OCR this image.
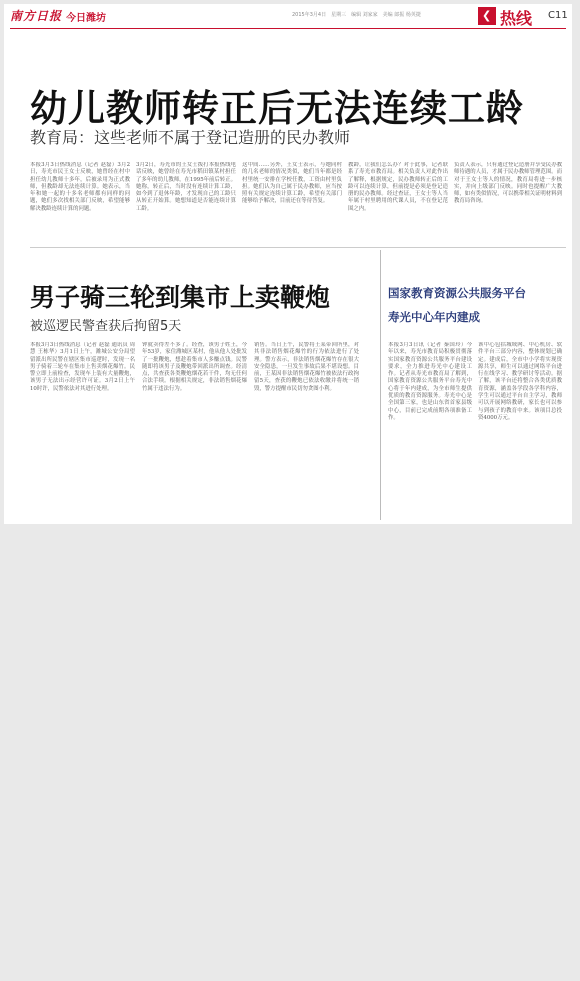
南方日报 今日潍坊	2015年3月4日　星期三　编辑 刘家家　美编 郎振 杨英捷	❮ 热线 C11
幼儿教师转正后无法连续工龄
教育局：这些老师不属于登记造册的民办教师
本报3月3日热线消息（记者 赵磊）3月2日，寿光市民王女士反映，她曾经在村中担任幼儿教师十多年，后被录用为正式教师，但教龄却无法连续计算。她表示，当年和她一起的十多名老师都有同样的问题，她们多次找相关部门反映，希望能够解决教龄连续计算的问题。
3月2日，寿光市的王女士拨打本报热线电话反映，她曾经在寿光市稻田镇某村担任了多年的幼儿教师，在1995年前后转正。她称，转正后，当时没有连续计算工龄，如今到了退休年龄，才发现自己的工龄只从转正开始算。她想知道是否能连续计算工龄。
这中间……另外，王女士表示，与她同村的几名老师的情况类似，她们当年都是经村里统一安排在学校任教，工资由村里负担。她们认为自己属于民办教师，应当按照有关规定连续计算工龄，希望有关部门能够给予解决，目前还在等待答复。
教龄，让我们怎么办？对于此事，记者联系了寿光市教育局。相关负责人对此作出了解释，根据规定，民办教师转正后的工龄可以连续计算，但前提是必须是登记造册的民办教师。经过查证，王女士等人当年属于村里聘用的代课人员，不在登记范围之内。
负责人表示，只有通过登记造册并享受民办教师待遇的人员，才属于民办教师管理范围。而对于王女士等人的情况，教育局将进一步核实，并向上级部门反映。同时也提醒广大教师，如有类似情况，可以携带相关证明材料到教育局咨询。
男子骑三轮到集市上卖鞭炮
被巡逻民警查获后拘留5天
本报3月3日热线消息（记者 赵磊 通讯员 周慧 王栋华）3月1日上午，潍城公安分局望留派出所民警在辖区集市巡逻时，发现一名男子骑着三轮车在集市上售卖烟花爆竹。民警立即上前检查，发现车上装有大量鞭炮，该男子无法出示经营许可证。3月2日上午10时许，民警依法对其进行处理。
钟就卖得差不多了。经查，该男子姓王，今年53岁，家住潍城区某村，他从他人处批发了一批鞭炮，想趁着集市人多赚点钱。民警随即将该男子及鞭炮带回派出所调查。经清点，共查获各类鞭炮烟花若干件，均无任何合法手续。根据相关规定，非法销售烟花爆竹属于违法行为。
销售。当日上午，民警将王某带回所里，对其非法销售烟花爆竹的行为依法进行了处理。警方表示，非法销售烟花爆竹存在很大安全隐患，一旦发生事故后果不堪设想。目前，王某因非法销售烟花爆竹被依法行政拘留5天，查获的鞭炮已依法收缴并将统一销毁，警方提醒市民切勿贪图小利。
国家教育资源公共服务平台
寿光中心年内建成
本报3月3日讯（记者 秦国玲）今年以来，寿光市教育局积极贯彻落实国家教育资源公共服务平台建设要求，全力推进寿光中心建设工作。记者从寿光市教育局了解到，国家教育资源公共服务平台寿光中心将于年内建成，为全市师生提供优质的教育资源服务。寿光中心是全国第三家，也是山东省首家县级中心，目前已完成前期各项准备工作。
该中心包括城域网、中心机房、软件平台三部分内容，整体规划已确定。建成后，全市中小学将实现资源共享，师生可以通过网络平台进行在线学习、教学研讨等活动。据了解，该平台还将整合各类优质教育资源，涵盖各学段各学科内容，学生可以通过平台自主学习，教师可以开展网络教研，家长也可以参与到孩子的教育中来。该项目总投资4000万元。
